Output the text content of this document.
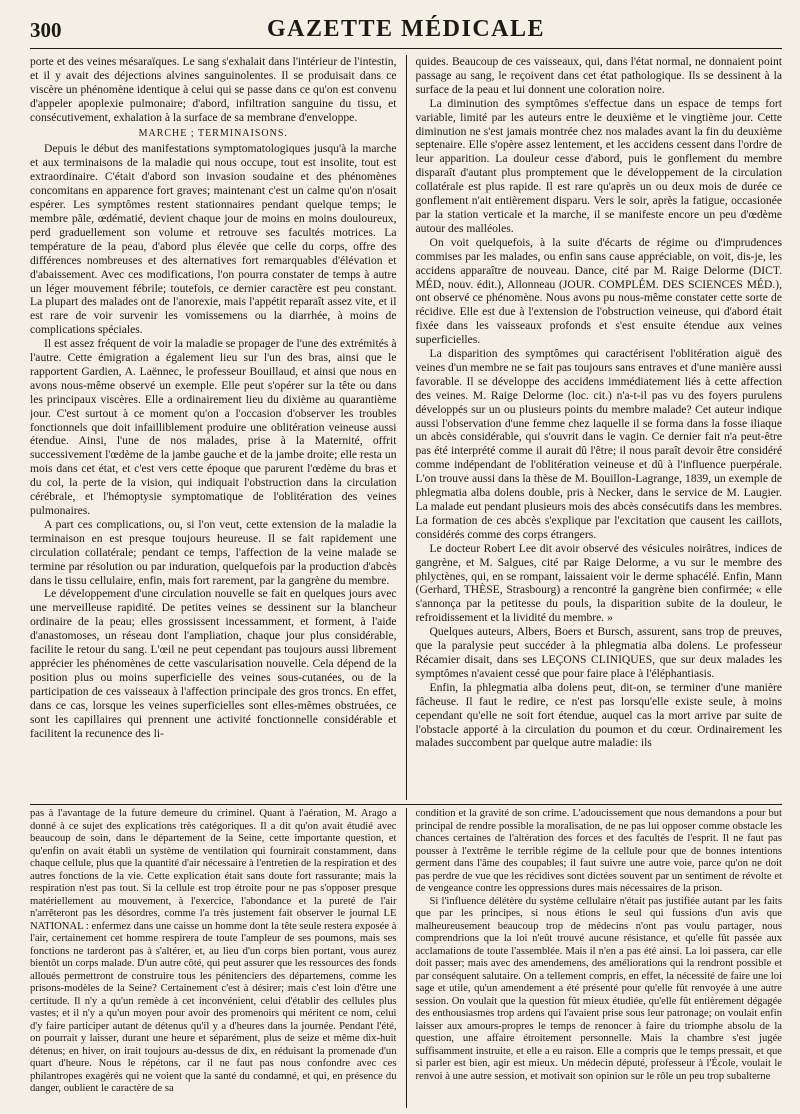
300	GAZETTE MÉDICALE

porte et des veines mésaraïques. Le sang s'exhalait dans l'intérieur de l'intestin, et il y avait des déjections alvines sanguinolentes. Il se produisait dans ce viscère un phénomène identique à celui qui se passe dans ce qu'on est convenu d'appeler apoplexie pulmonaire; d'abord, infiltration sanguine du tissu, et consécutivement, exhalation à la surface de sa membrane d'enveloppe.

MARCHE ; TERMINAISONS.

Depuis le début des manifestations symptomatologiques jusqu'à la marche et aux terminaisons de la maladie qui nous occupe, tout est insolite, tout est extraordinaire. C'était d'abord son invasion soudaine et des phénomènes concomitans en apparence fort graves; maintenant c'est un calme qu'on n'osait espérer. Les symptômes restent stationnaires pendant quelque temps; le membre pâle, œdématié, devient chaque jour de moins en moins douloureux, perd graduellement son volume et retrouve ses facultés motrices. La température de la peau, d'abord plus élevée que celle du corps, offre des différences nombreuses et des alternatives fort remarquables d'élévation et d'abaissement. Avec ces modifications, l'on pourra constater de temps à autre un léger mouvement fébrile; toutefois, ce dernier caractère est peu constant. La plupart des malades ont de l'anorexie, mais l'appétit reparaît assez vite, et il est rare de voir survenir les vomissemens ou la diarrhée, à moins de complications spéciales.

Il est assez fréquent de voir la maladie se propager de l'une des extrémités à l'autre. Cette émigration a également lieu sur l'un des bras, ainsi que le rapportent Gardien, A. Laënnec, le professeur Bouillaud, et ainsi que nous en avons nous-même observé un exemple. Elle peut s'opérer sur la tête ou dans les principaux viscères. Elle a ordinairement lieu du dixième au quarantième jour. C'est surtout à ce moment qu'on a l'occasion d'observer les troubles fonctionnels que doit infailliblement produire une oblitération veineuse aussi étendue. Ainsi, l'une de nos malades, prise à la Maternité, offrit successivement l'œdème de la jambe gauche et de la jambe droite; elle resta un mois dans cet état, et c'est vers cette époque que parurent l'œdème du bras et du col, la perte de la vision, qui indiquait l'obstruction dans la circulation cérébrale, et l'hémoptysie symptomatique de l'oblitération des veines pulmonaires.

A part ces complications, ou, si l'on veut, cette extension de la maladie la terminaison en est presque toujours heureuse. Il se fait rapidement une circulation collatérale; pendant ce temps, l'affection de la veine malade se termine par résolution ou par induration, quelquefois par la production d'abcès dans le tissu cellulaire, enfin, mais fort rarement, par la gangrène du membre.

Le développement d'une circulation nouvelle se fait en quelques jours avec une merveilleuse rapidité. De petites veines se dessinent sur la blancheur ordinaire de la peau; elles grossissent incessamment, et forment, à l'aide d'anastomoses, un réseau dont l'ampliation, chaque jour plus considérable, facilite le retour du sang. L'œil ne peut cependant pas toujours aussi librement apprécier les phénomènes de cette vascularisation nouvelle. Cela dépend de la position plus ou moins superficielle des veines sous-cutanées, ou de la participation de ces vaisseaux à l'affection principale des gros troncs. En effet, dans ce cas, lorsque les veines superficielles sont elles-mêmes obstruées, ce sont les capillaires qui prennent une activité fonctionnelle considérable et facilitent la recunence des li-

quides. Beaucoup de ces vaisseaux, qui, dans l'état normal, ne donnaient point passage au sang, le reçoivent dans cet état pathologique. Ils se dessinent à la surface de la peau et lui donnent une coloration noire.

La diminution des symptômes s'effectue dans un espace de temps fort variable, limité par les auteurs entre le deuxième et le vingtième jour. Cette diminution ne s'est jamais montrée chez nos malades avant la fin du deuxième septenaire. Elle s'opère assez lentement, et les accidens cessent dans l'ordre de leur apparition. La douleur cesse d'abord, puis le gonflement du membre disparaît d'autant plus promptement que le développement de la circulation collatérale est plus rapide. Il est rare qu'après un ou deux mois de durée ce gonflement n'ait entièrement disparu. Vers le soir, après la fatigue, occasionée par la station verticale et la marche, il se manifeste encore un peu d'œdème autour des malléoles.

On voit quelquefois, à la suite d'écarts de régime ou d'imprudences commises par les malades, ou enfin sans cause appréciable, on voit, dis-je, les accidens apparaître de nouveau. Dance, cité par M. Raige Delorme (DICT. MÉD, nouv. édit.), Allonneau (JOUR. COMPLÉM. DES SCIENCES MÉD.), ont observé ce phénomène. Nous avons pu nous-même constater cette sorte de récidive. Elle est due à l'extension de l'obstruction veineuse, qui d'abord était fixée dans les vaisseaux profonds et s'est ensuite étendue aux veines superficielles.

La disparition des symptômes qui caractérisent l'oblitération aiguë des veines d'un membre ne se fait pas toujours sans entraves et d'une manière aussi favorable. Il se développe des accidens immédiatement liés à cette affection des veines. M. Raige Delorme (loc. cit.) n'a-t-il pas vu des foyers purulens développés sur un ou plusieurs points du membre malade? Cet auteur indique aussi l'observation d'une femme chez laquelle il se forma dans la fosse iliaque un abcès considérable, qui s'ouvrit dans le vagin. Ce dernier fait n'a peut-être pas été interprété comme il aurait dû l'être; il nous paraît devoir être considéré comme indépendant de l'oblitération veineuse et dû à l'influence puerpérale. L'on trouve aussi dans la thèse de M. Bouillon-Lagrange, 1839, un exemple de phlegmatia alba dolens double, pris à Necker, dans le service de M. Laugier. La malade eut pendant plusieurs mois des abcès consécutifs dans les membres. La formation de ces abcès s'explique par l'excitation que causent les caillots, considérés comme des corps étrangers.

Le docteur Robert Lee dit avoir observé des vésicules noirâtres, indices de gangrène, et M. Salgues, cité par Raige Delorme, a vu sur le membre des phlyctènes, qui, en se rompant, laissaient voir le derme sphacélé. Enfin, Mann (Gerhard, THÈSE, Strasbourg) a rencontré la gangrène bien confirmée; « elle s'annonça par la petitesse du pouls, la disparition subite de la douleur, le refroidissement et la lividité du membre. »

Quelques auteurs, Albers, Boers et Bursch, assurent, sans trop de preuves, que la paralysie peut succéder à la phlegmatia alba dolens. Le professeur Récamier disait, dans ses LEÇONS CLINIQUES, que sur deux malades les symptômes n'avaient cessé que pour faire place à l'éléphantiasis.

Enfin, la phlegmatia alba dolens peut, dit-on, se terminer d'une manière fâcheuse. Il faut le redire, ce n'est pas lorsqu'elle existe seule, à moins cependant qu'elle ne soit fort étendue, auquel cas la mort arrive par suite de l'obstacle apporté à la circulation du poumon et du cœur. Ordinairement les malades succombent par quelque autre maladie: ils

pas à l'avantage de la future demeure du criminel. Quant à l'aération, M. Arago a donné à ce sujet des explications très catégoriques. Il a dit qu'on avait étudié avec beaucoup de soin, dans le département de la Seine, cette importante question, et qu'enfin on avait établi un système de ventilation qui fournirait constamment, dans chaque cellule, plus que la quantité d'air nécessaire à l'entretien de la respiration et des autres fonctions de la vie. Cette explication était sans doute fort rassurante; mais la respiration n'est pas tout. Si la cellule est trop étroite pour ne pas s'opposer presque matériellement au mouvement, à l'exercice, l'abondance et la pureté de l'air n'arrêteront pas les désordres, comme l'a très justement fait observer le journal LE NATIONAL : enfermez dans une caisse un homme dont la tête seule restera exposée à l'air, certainement cet homme respirera de toute l'ampleur de ses poumons, mais ses fonctions ne tarderont pas à s'altérer, et, au lieu d'un corps bien portant, vous aurez bientôt un corps malade. D'un autre côté, qui peut assurer que les ressources des fonds alloués permettront de construire tous les pénitenciers des départemens, comme les prisons-modèles de la Seine? Certainement c'est à désirer; mais c'est loin d'être une certitude. Il n'y a qu'un remède à cet inconvénient, celui d'établir des cellules plus vastes; et il n'y a qu'un moyen pour avoir des promenoirs qui méritent ce nom, celui d'y faire participer autant de détenus qu'il y a d'heures dans la journée. Pendant l'été, on pourrait y laisser, durant une heure et séparément, plus de seize et même dix-huit détenus; en hiver, on irait toujours au-dessus de dix, en réduisant la promenade d'un quart d'heure. Nous le répétons, car il ne faut pas nous confondre avec ces philantropes exagérés qui ne voient que la santé du condamné, et qui, en présence du danger, oublient le caractère de sa

condition et la gravité de son crime. L'adoucissement que nous demandons a pour but principal de rendre possible la moralisation, de ne pas lui opposer comme obstacle les chances certaines de l'altération des forces et des facultés de l'esprit. Il ne faut pas pousser à l'extrême le terrible régime de la cellule pour que de bonnes intentions germent dans l'âme des coupables; il faut suivre une autre voie, parce qu'on ne doit pas perdre de vue que les récidives sont dictées souvent par un sentiment de révolte et de vengeance contre les oppressions dures mais nécessaires de la prison.

Si l'influence délétère du système cellulaire n'était pas justifiée autant par les faits que par les principes, si nous étions le seul qui fussions d'un avis que malheureusement beaucoup trop de médecins n'ont pas voulu partager, nous comprendrions que la loi n'eût trouvé aucune résistance, et qu'elle fût passée aux acclamations de toute l'assemblée. Mais il n'en a pas été ainsi. La loi passera, car elle doit passer; mais avec des amendemens, des améliorations qui la rendront possible et par conséquent salutaire. On a tellement compris, en effet, la nécessité de faire une loi sage et utile, qu'un amendement a été présenté pour qu'elle fût renvoyée à une autre session. On voulait que la question fût mieux étudiée, qu'elle fût entièrement dégagée des enthousiasmes trop ardens qui l'avaient prise sous leur patronage; on voulait enfin laisser aux amours-propres le temps de renoncer à faire du triomphe absolu de la question, une affaire étroitement personnelle. Mais la chambre s'est jugée suffisamment instruite, et elle a eu raison. Elle a compris que le temps pressait, et que si parler est bien, agir est mieux. Un médecin député, professeur à l'École, voulait le renvoi à une autre session, et motivait son opinion sur le rôle un peu trop subalterne
